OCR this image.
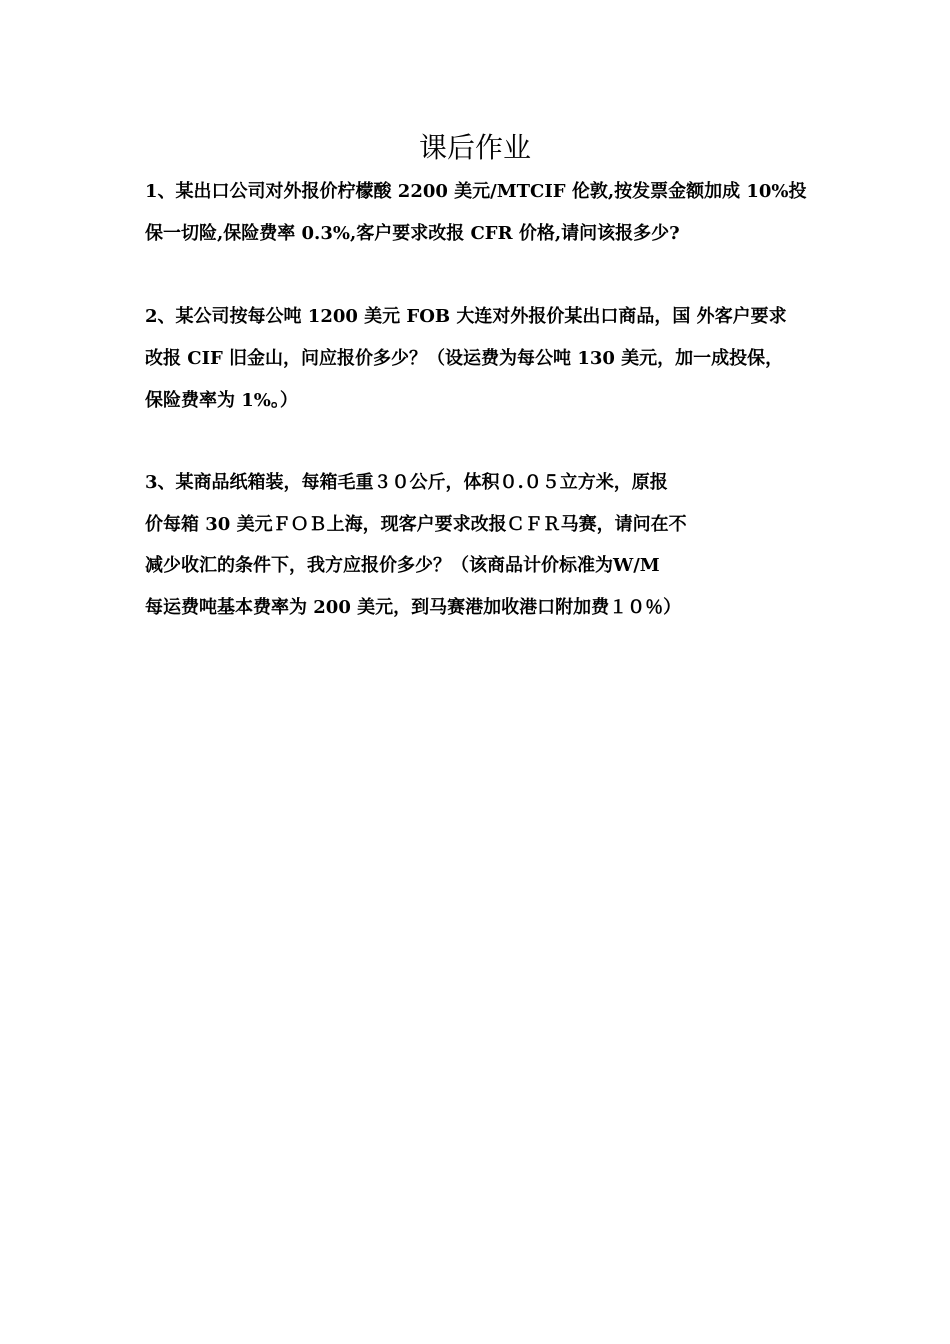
课后作业
1、某出口公司对外报价柠檬酸 2200 美元/MTCIF 伦敦,按发票金额加成 10%投
保一切险,保险费率 0.3%,客户要求改报 CFR 价格,请问该报多少?
2、某公司按每公吨 1200 美元 FOB 大连对外报价某出口商品，国 外客户要求
改报 CIF 旧金山，问应报价多少？（设运费为每公吨 130 美元，加一成投保，
保险费率为 1%。）
3、某商品纸箱装，每箱毛重３０公斤，体积０.０５立方米，原报
价每箱 30 美元ＦＯＢ上海，现客户要求改报ＣＦＲ马赛，请问在不
减少收汇的条件下，我方应报价多少？（该商品计价标准为W/M
每运费吨基本费率为 200 美元，到马赛港加收港口附加费１０％）
